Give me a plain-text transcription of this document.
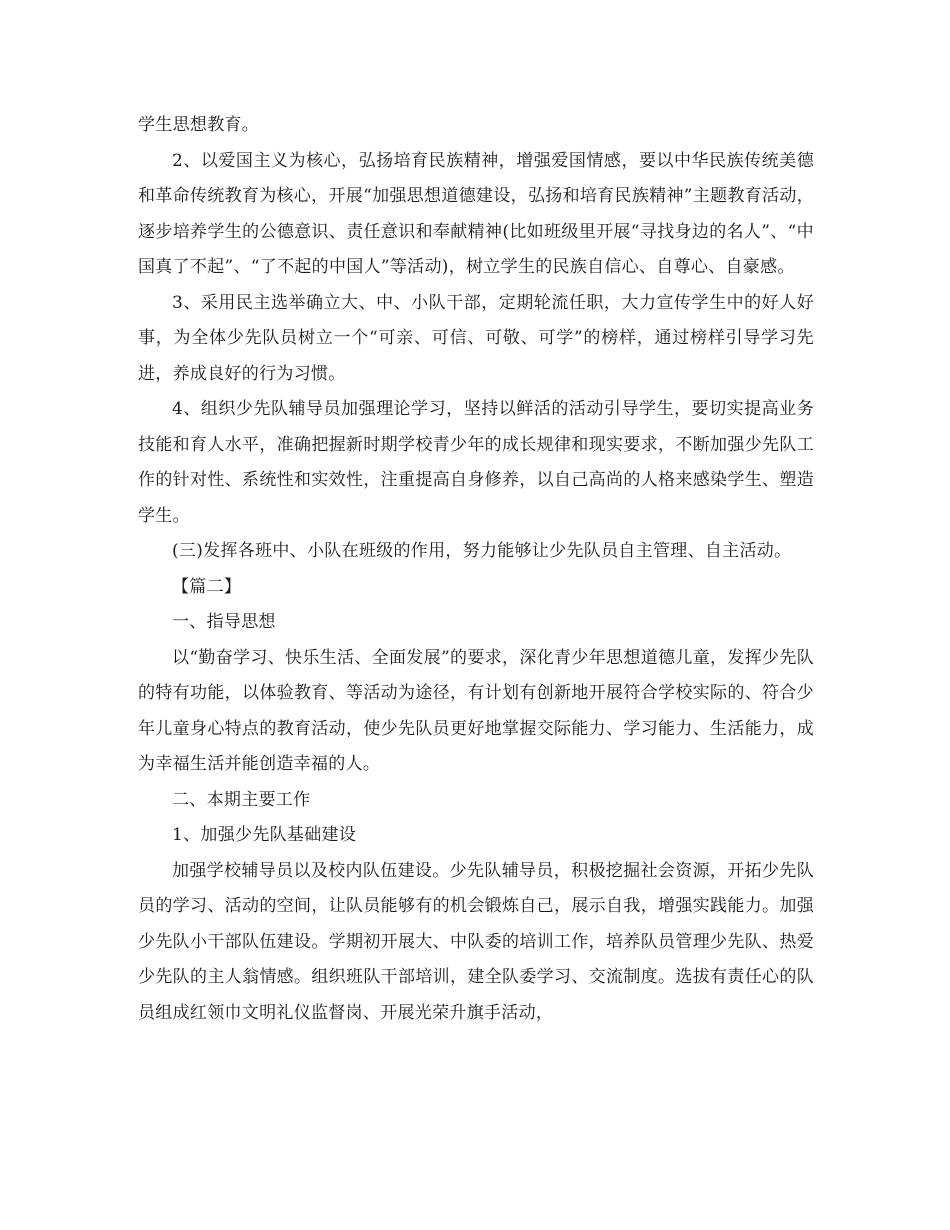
学生思想教育。

2、以爱国主义为核心，弘扬培育民族精神，增强爱国情感，要以中华民族传统美德和革命传统教育为核心，开展“加强思想道德建设，弘扬和培育民族精神”主题教育活动，逐步培养学生的公德意识、责任意识和奉献精神(比如班级里开展“寻找身边的名人”、“中国真了不起”、“了不起的中国人”等活动)，树立学生的民族自信心、自尊心、自豪感。

3、采用民主选举确立大、中、小队干部，定期轮流任职，大力宣传学生中的好人好事，为全体少先队员树立一个“可亲、可信、可敬、可学”的榜样，通过榜样引导学习先进，养成良好的行为习惯。

4、组织少先队辅导员加强理论学习，坚持以鲜活的活动引导学生，要切实提高业务技能和育人水平，准确把握新时期学校青少年的成长规律和现实要求，不断加强少先队工作的针对性、系统性和实效性，注重提高自身修养，以自己高尚的人格来感染学生、塑造学生。

(三)发挥各班中、小队在班级的作用，努力能够让少先队员自主管理、自主活动。

【篇二】

一、指导思想

以“勤奋学习、快乐生活、全面发展”的要求，深化青少年思想道德儿童，发挥少先队的特有功能，以体验教育、等活动为途径，有计划有创新地开展符合学校实际的、符合少年儿童身心特点的教育活动，使少先队员更好地掌握交际能力、学习能力、生活能力，成为幸福生活并能创造幸福的人。

二、本期主要工作

1、加强少先队基础建设

加强学校辅导员以及校内队伍建设。少先队辅导员，积极挖掘社会资源，开拓少先队员的学习、活动的空间，让队员能够有的机会锻炼自己，展示自我，增强实践能力。加强少先队小干部队伍建设。学期初开展大、中队委的培训工作，培养队员管理少先队、热爱少先队的主人翁情感。组织班队干部培训，建全队委学习、交流制度。选拔有责任心的队员组成红领巾文明礼仪监督岗、开展光荣升旗手活动，
